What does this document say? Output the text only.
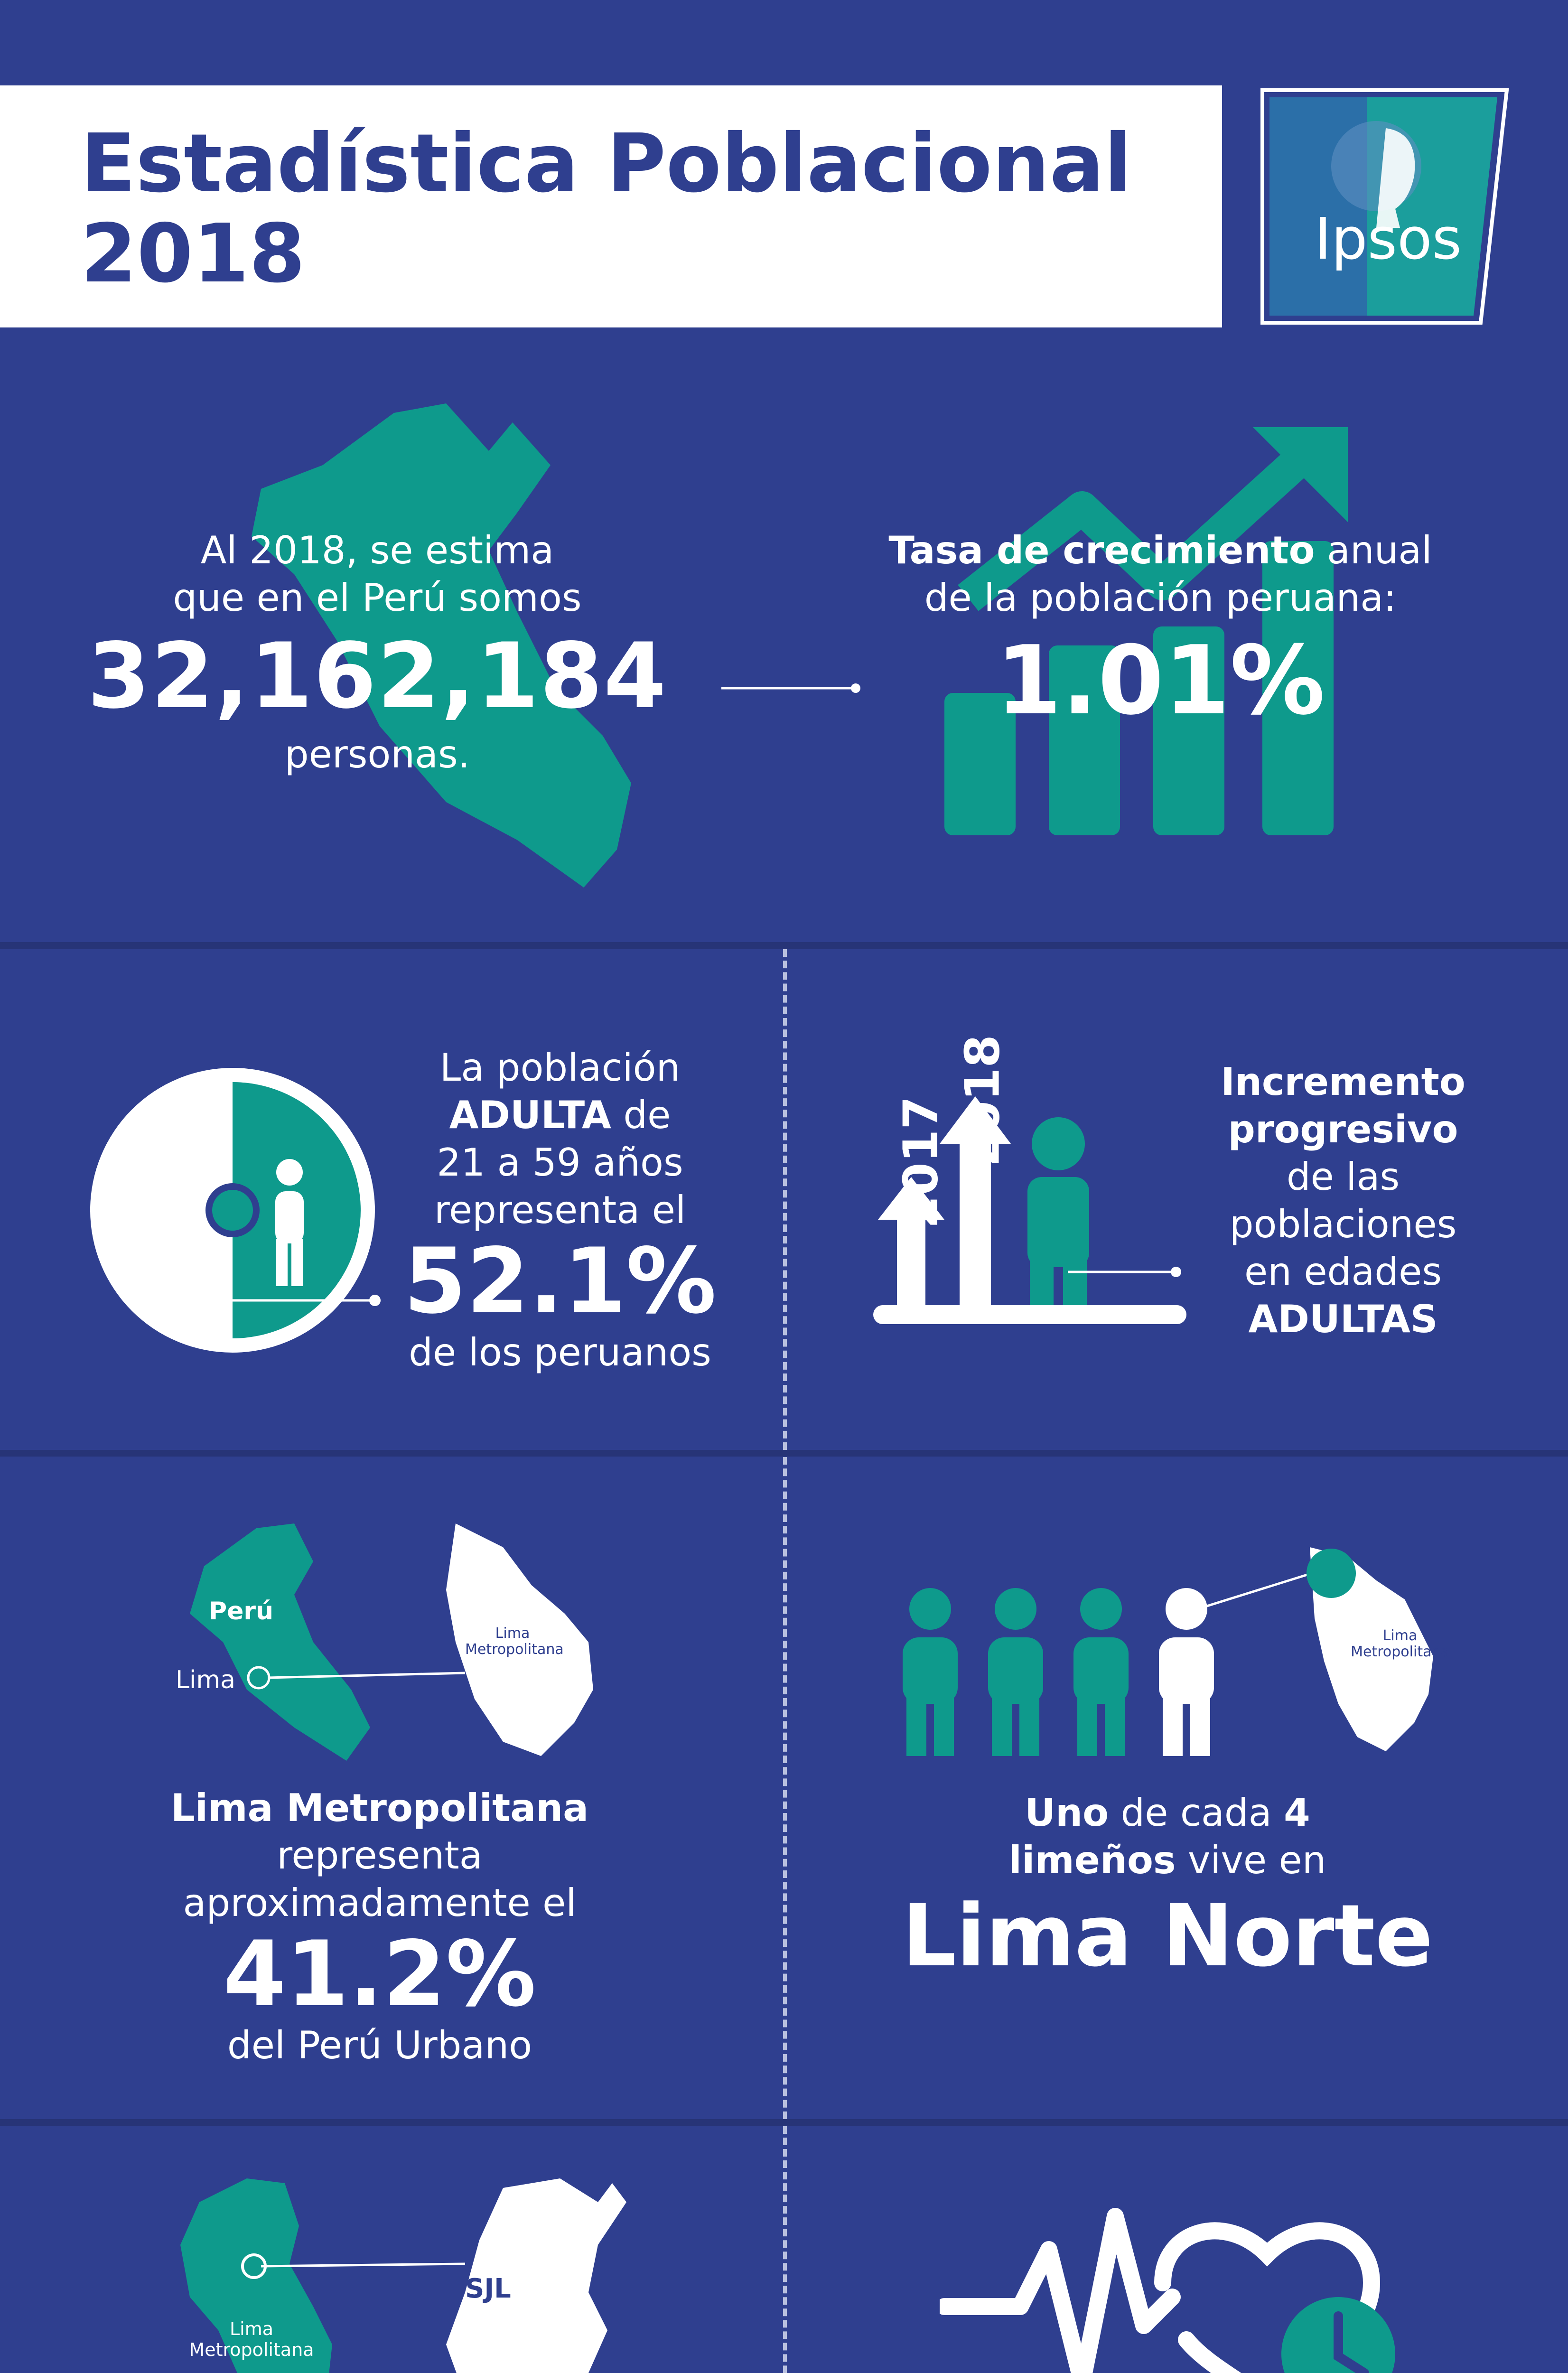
Estadística Poblacional
2018	Ipsos
Al 2018, se estima
que en el Perú somos
32,162,184
personas.
Tasa de crecimiento anual
de la población peruana:
1.01%
La población
ADULTA de
21 a 59 años
representa el
52.1%
de los peruanos
2017 2018	Incremento
progresivo
de las
poblaciones
en edades
ADULTAS
Perú
Lima
Lima Metropolitana
Lima Metropolitana
representa
aproximadamente el
41.2%
del Perú Urbano
Lima Metropolitana
Uno de cada 4
limeños vive en
Lima Norte
Lima Metropolitana
SJL
